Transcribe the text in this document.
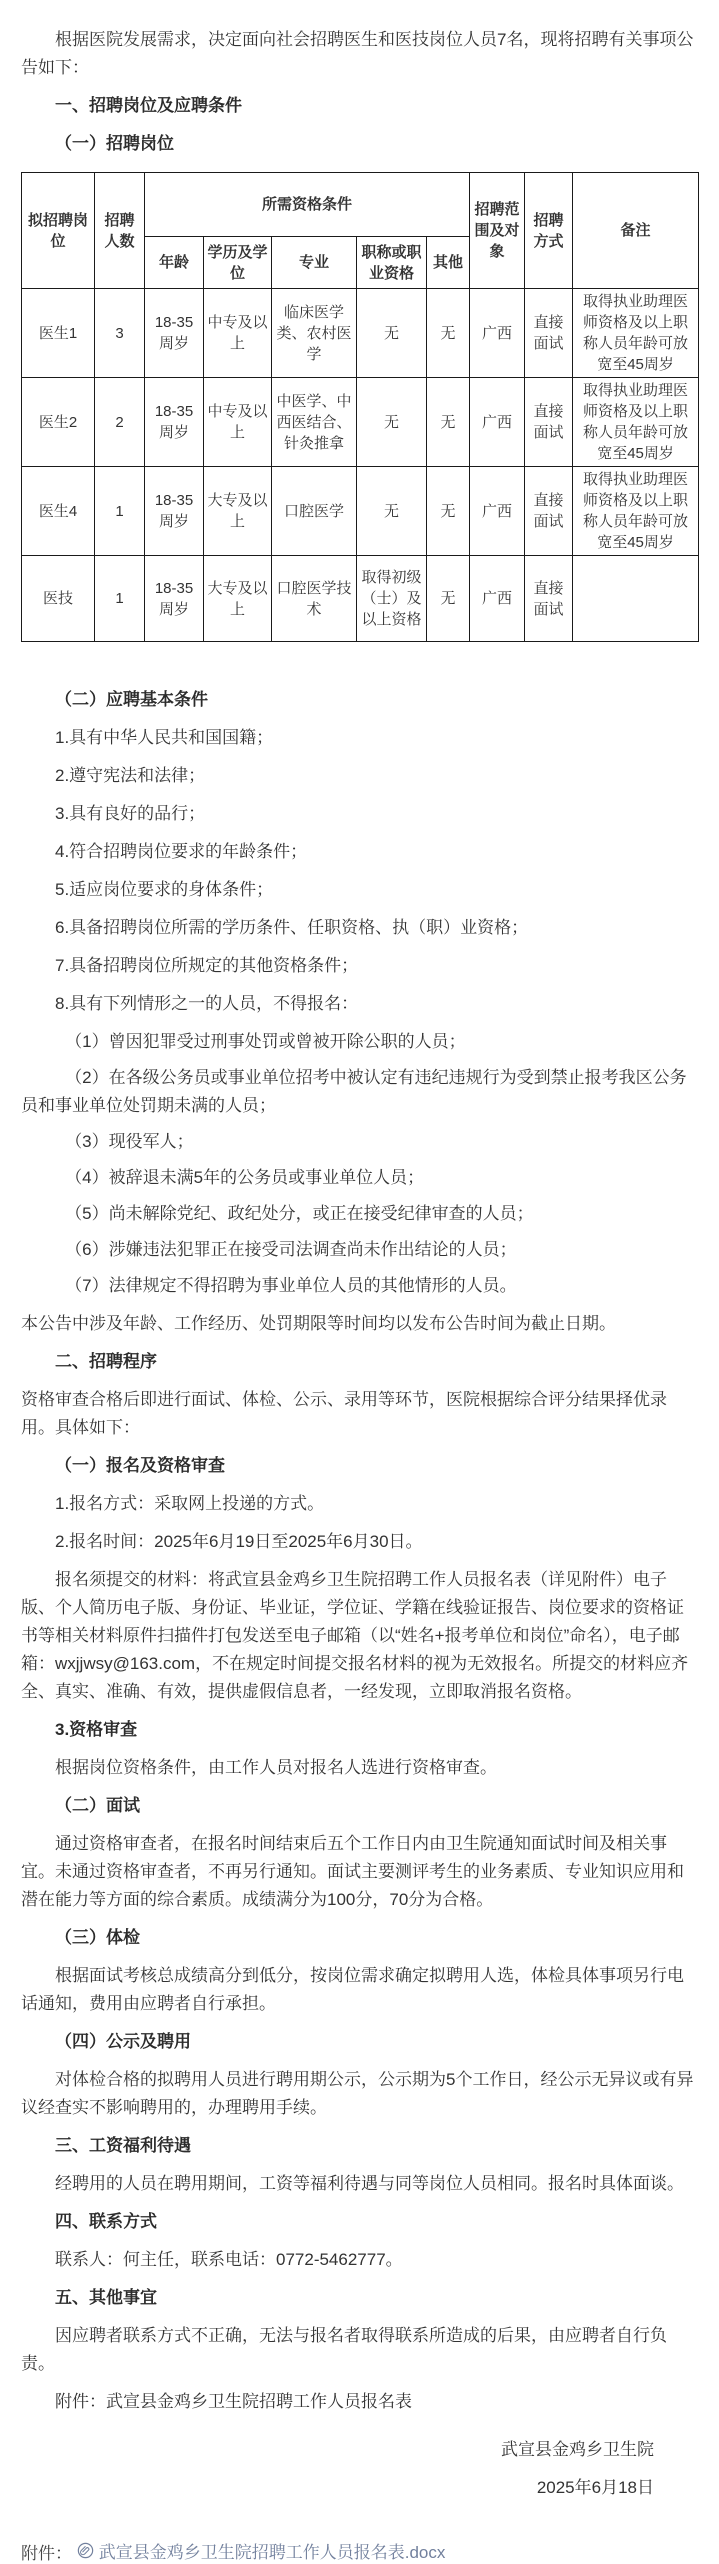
根据医院发展需求，决定面向社会招聘医生和医技岗位人员7名，现将招聘有关事项公告如下：

一、招聘岗位及应聘条件

（一）招聘岗位

拟招聘岗位	招聘人数	所需资格条件					招聘范围及对象	招聘方式	备注
		年龄	学历及学位	专业	职称或职业资格	其他			
医生1	3	18-35周岁	中专及以上	临床医学类、农村医学	无	无	广西	直接面试	取得执业助理医师资格及以上职称人员年龄可放宽至45周岁
医生2	2	18-35周岁	中专及以上	中医学、中西医结合、针灸推拿	无	无	广西	直接面试	取得执业助理医师资格及以上职称人员年龄可放宽至45周岁
医生4	1	18-35周岁	大专及以上	口腔医学	无	无	广西	直接面试	取得执业助理医师资格及以上职称人员年龄可放宽至45周岁
医技	1	18-35周岁	大专及以上	口腔医学技术	取得初级（士）及以上资格	无	广西	直接面试	

（二）应聘基本条件

1.具有中华人民共和国国籍；

2.遵守宪法和法律；

3.具有良好的品行；

4.符合招聘岗位要求的年龄条件；

5.适应岗位要求的身体条件；

6.具备招聘岗位所需的学历条件、任职资格、执（职）业资格；

7.具备招聘岗位所规定的其他资格条件；

8.具有下列情形之一的人员，不得报名：

（1）曾因犯罪受过刑事处罚或曾被开除公职的人员；

（2）在各级公务员或事业单位招考中被认定有违纪违规行为受到禁止报考我区公务员和事业单位处罚期未满的人员；

（3）现役军人；

（4）被辞退未满5年的公务员或事业单位人员；

（5）尚未解除党纪、政纪处分，或正在接受纪律审查的人员；

（6）涉嫌违法犯罪正在接受司法调查尚未作出结论的人员；

（7）法律规定不得招聘为事业单位人员的其他情形的人员。

本公告中涉及年龄、工作经历、处罚期限等时间均以发布公告时间为截止日期。

二、招聘程序

资格审查合格后即进行面试、体检、公示、录用等环节，医院根据综合评分结果择优录用。具体如下：

（一）报名及资格审查

1.报名方式：采取网上投递的方式。

2.报名时间：2025年6月19日至2025年6月30日。

报名须提交的材料：将武宣县金鸡乡卫生院招聘工作人员报名表（详见附件）电子版、个人简历电子版、身份证、毕业证，学位证、学籍在线验证报告、岗位要求的资格证书等相关材料原件扫描件打包发送至电子邮箱（以“姓名+报考单位和岗位”命名），电子邮箱：wxjjwsy@163.com，不在规定时间提交报名材料的视为无效报名。所提交的材料应齐全、真实、准确、有效，提供虚假信息者，一经发现，立即取消报名资格。

3.资格审查

根据岗位资格条件，由工作人员对报名人选进行资格审查。

（二）面试

通过资格审查者，在报名时间结束后五个工作日内由卫生院通知面试时间及相关事宜。未通过资格审查者，不再另行通知。面试主要测评考生的业务素质、专业知识应用和潜在能力等方面的综合素质。成绩满分为100分，70分为合格。

（三）体检

根据面试考核总成绩高分到低分，按岗位需求确定拟聘用人选，体检具体事项另行电话通知，费用由应聘者自行承担。

（四）公示及聘用

对体检合格的拟聘用人员进行聘用期公示，公示期为5个工作日，经公示无异议或有异议经查实不影响聘用的，办理聘用手续。

三、工资福利待遇

经聘用的人员在聘用期间，工资等福利待遇与同等岗位人员相同。报名时具体面谈。

四、联系方式

联系人：何主任，联系电话：0772-5462777。

五、其他事宜

因应聘者联系方式不正确，无法与报名者取得联系所造成的后果，由应聘者自行负责。

附件：武宣县金鸡乡卫生院招聘工作人员报名表

武宣县金鸡乡卫生院

2025年6月18日

附件： 武宣县金鸡乡卫生院招聘工作人员报名表.docx
